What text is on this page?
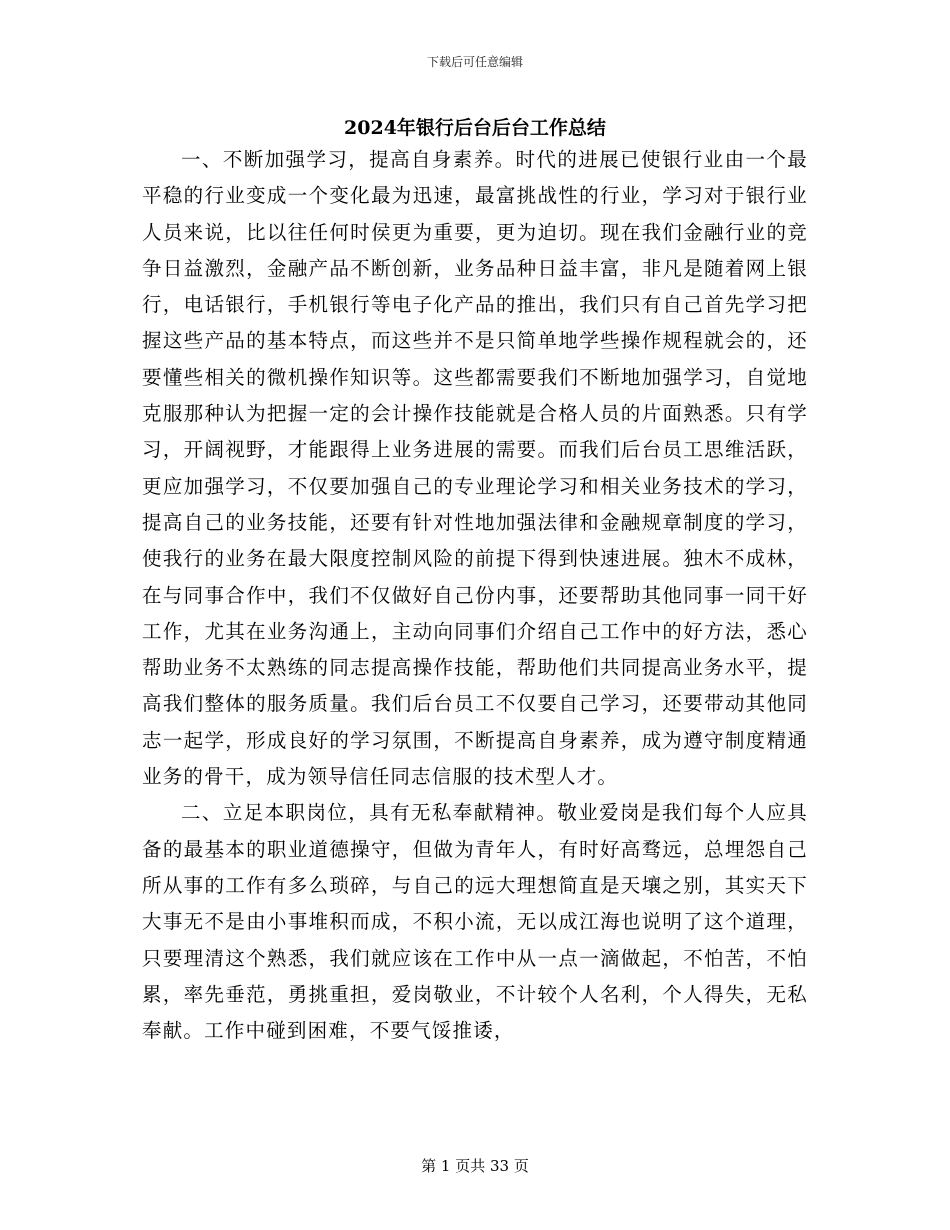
下载后可任意编辑
2024年银行后台后台工作总结

一、不断加强学习，提高自身素养。时代的进展已使银行业由一个最平稳的行业变成一个变化最为迅速，最富挑战性的行业，学习对于银行业人员来说，比以往任何时侯更为重要，更为迫切。现在我们金融行业的竞争日益激烈，金融产品不断创新，业务品种日益丰富，非凡是随着网上银行，电话银行，手机银行等电子化产品的推出，我们只有自己首先学习把握这些产品的基本特点，而这些并不是只简单地学些操作规程就会的，还要懂些相关的微机操作知识等。这些都需要我们不断地加强学习，自觉地克服那种认为把握一定的会计操作技能就是合格人员的片面熟悉。只有学习，开阔视野，才能跟得上业务进展的需要。而我们后台员工思维活跃，更应加强学习，不仅要加强自己的专业理论学习和相关业务技术的学习，提高自己的业务技能，还要有针对性地加强法律和金融规章制度的学习，使我行的业务在最大限度控制风险的前提下得到快速进展。独木不成林，在与同事合作中，我们不仅做好自己份内事，还要帮助其他同事一同干好工作，尤其在业务沟通上，主动向同事们介绍自己工作中的好方法，悉心帮助业务不太熟练的同志提高操作技能，帮助他们共同提高业务水平，提高我们整体的服务质量。我们后台员工不仅要自己学习，还要带动其他同志一起学，形成良好的学习氛围，不断提高自身素养，成为遵守制度精通业务的骨干，成为领导信任同志信服的技术型人才。

二、立足本职岗位，具有无私奉献精神。敬业爱岗是我们每个人应具备的最基本的职业道德操守，但做为青年人，有时好高骛远，总埋怨自己所从事的工作有多么琐碎，与自己的远大理想简直是天壤之别，其实天下大事无不是由小事堆积而成，不积小流，无以成江海也说明了这个道理，只要理清这个熟悉，我们就应该在工作中从一点一滴做起，不怕苦，不怕累，率先垂范，勇挑重担，爱岗敬业，不计较个人名利，个人得失，无私奉献。工作中碰到困难，不要气馁推诿，

第 1 页共 33 页
